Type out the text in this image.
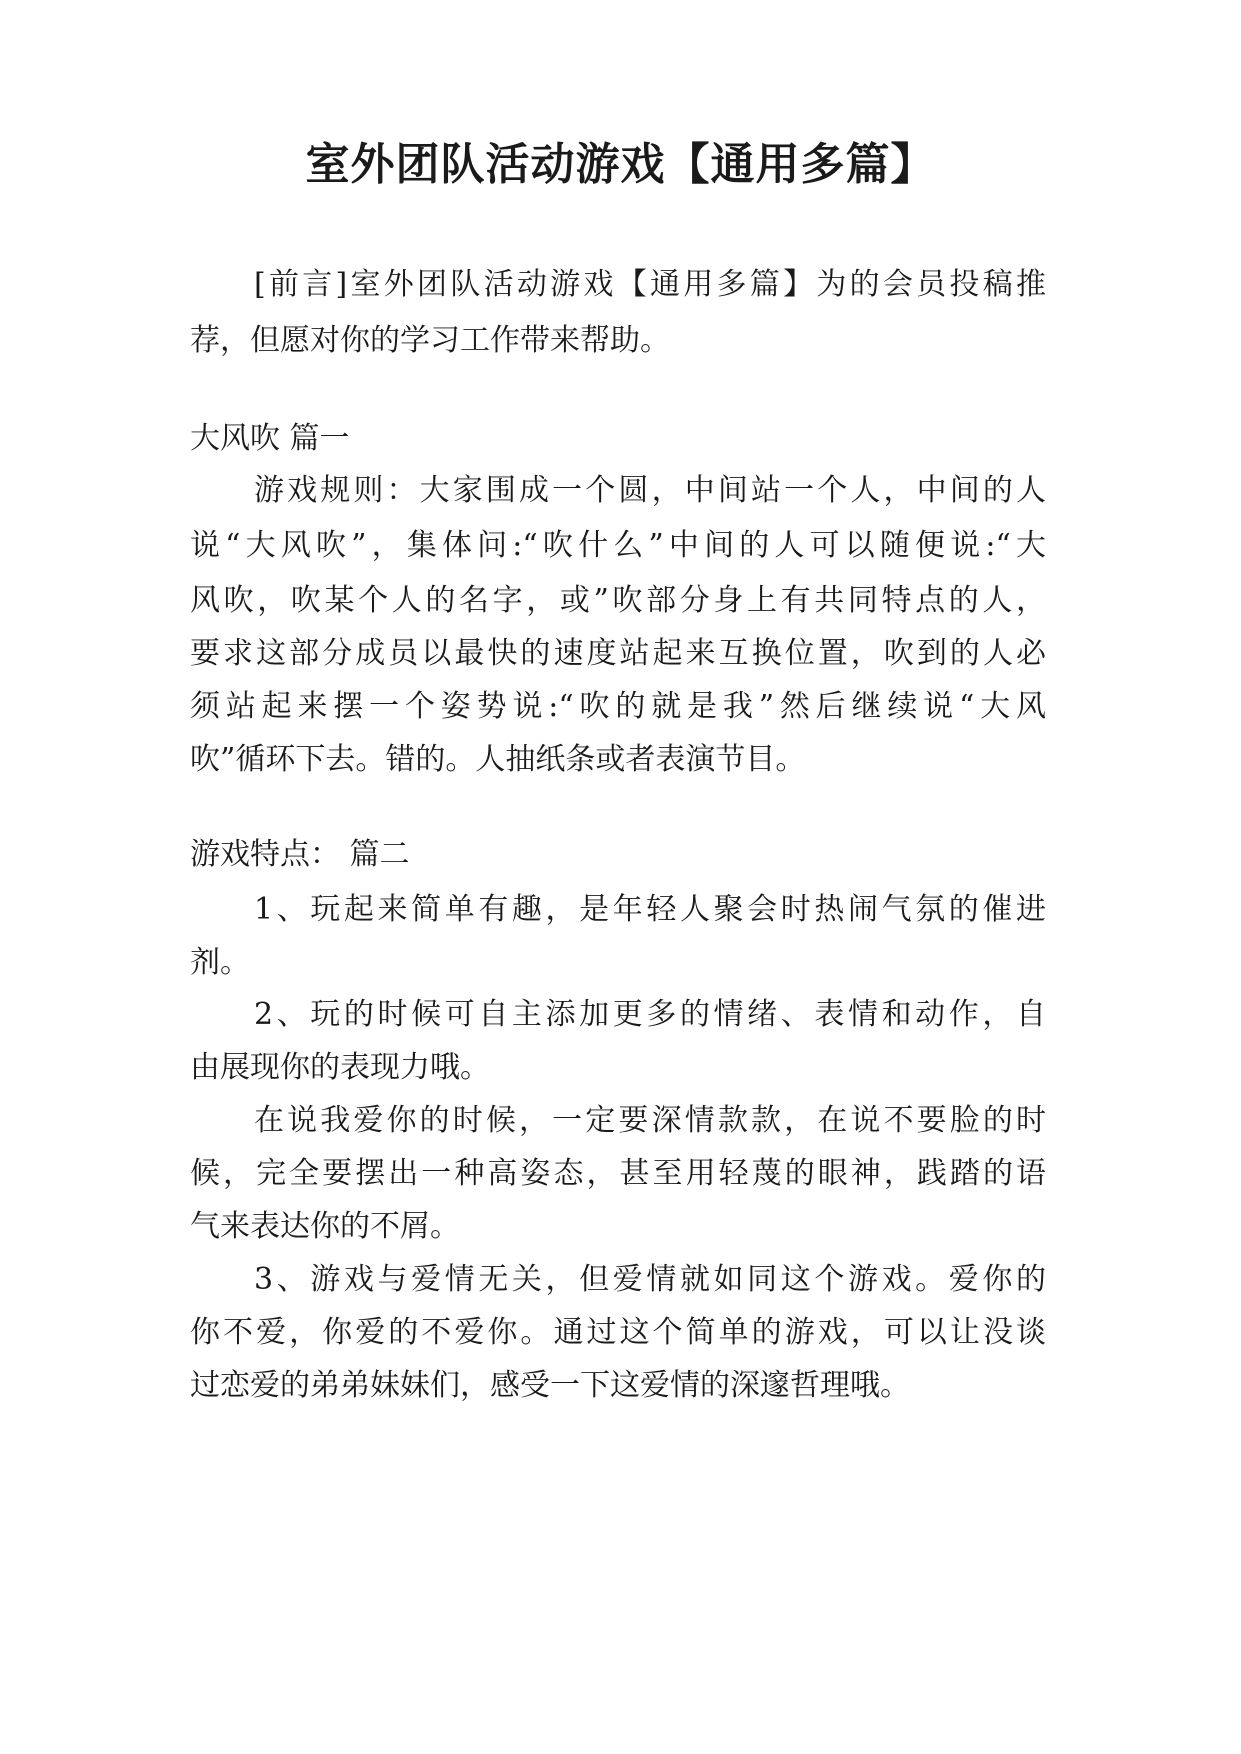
室外团队活动游戏【通用多篇】
[前言]室外团队活动游戏【通用多篇】为的会员投稿推
荐，但愿对你的学习工作带来帮助。
大风吹 篇一
游戏规则：大家围成一个圆，中间站一个人，中间的人
说“大风吹”，集体问:“吹什么”中间的人可以随便说:“大
风吹，吹某个人的名字，或”吹部分身上有共同特点的人，
要求这部分成员以最快的速度站起来互换位置，吹到的人必
须站起来摆一个姿势说:“吹的就是我”然后继续说“大风
吹”循环下去。错的。人抽纸条或者表演节目。
游戏特点： 篇二
1、玩起来简单有趣，是年轻人聚会时热闹气氛的催进
剂。
2、玩的时候可自主添加更多的情绪、表情和动作，自
由展现你的表现力哦。
在说我爱你的时候，一定要深情款款，在说不要脸的时
候，完全要摆出一种高姿态，甚至用轻蔑的眼神，践踏的语
气来表达你的不屑。
3、游戏与爱情无关，但爱情就如同这个游戏。爱你的
你不爱，你爱的不爱你。通过这个简单的游戏，可以让没谈
过恋爱的弟弟妹妹们，感受一下这爱情的深邃哲理哦。
